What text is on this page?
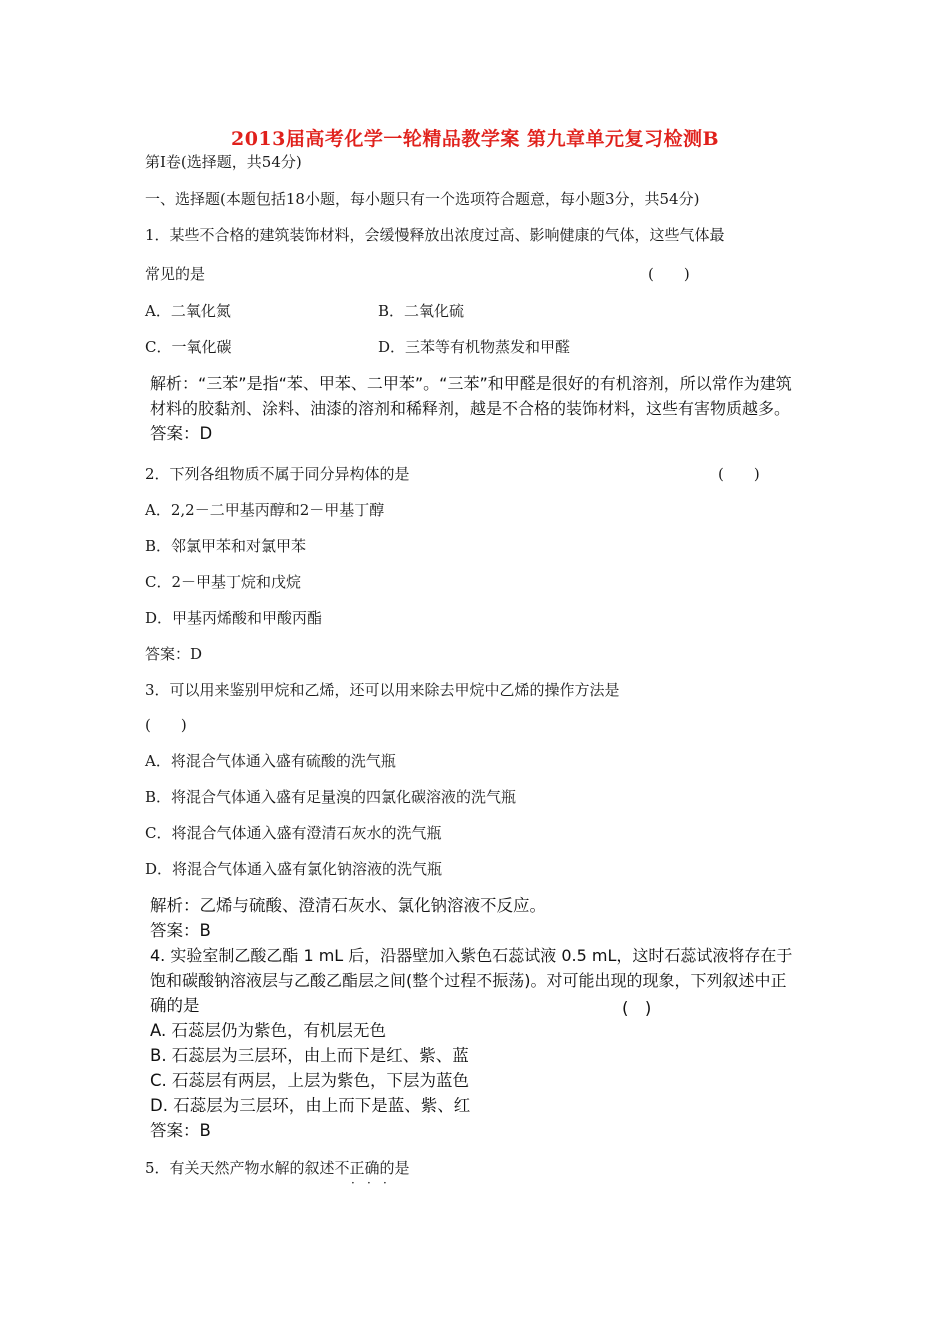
2013届高考化学一轮精品教学案 第九章单元复习检测B
第Ⅰ卷(选择题，共54分)
一、选择题(本题包括18小题，每小题只有一个选项符合题意，每小题3分，共54分)
1．某些不合格的建筑装饰材料，会缓慢释放出浓度过高、影响健康的气体，这些气体最
常见的是	(　　)
A．二氧化氮	B．二氧化硫
C．一氧化碳	D．三苯等有机物蒸发和甲醛
解析：“三苯”是指“苯、甲苯、二甲苯”。“三苯”和甲醛是很好的有机溶剂，所以常作为建筑
材料的胶黏剂、涂料、油漆的溶剂和稀释剂，越是不合格的装饰材料，这些有害物质越多。
答案：D
2．下列各组物质不属于同分异构体的是	(　　)
A．2,2－二甲基丙醇和2－甲基丁醇
B．邻氯甲苯和对氯甲苯
C．2－甲基丁烷和戊烷
D．甲基丙烯酸和甲酸丙酯
答案：D
3．可以用来鉴别甲烷和乙烯，还可以用来除去甲烷中乙烯的操作方法是
(　　)
A．将混合气体通入盛有硫酸的洗气瓶
B．将混合气体通入盛有足量溴的四氯化碳溶液的洗气瓶
C．将混合气体通入盛有澄清石灰水的洗气瓶
D．将混合气体通入盛有氯化钠溶液的洗气瓶
解析：乙烯与硫酸、澄清石灰水、氯化钠溶液不反应。
答案：B
4. 实验室制乙酸乙酯 1 mL 后，沿器壁加入紫色石蕊试液 0.5 mL，这时石蕊试液将存在于
饱和碳酸钠溶液层与乙酸乙酯层之间(整个过程不振荡)。对可能出现的现象，下列叙述中正
确的是	(　)
A. 石蕊层仍为紫色，有机层无色
B. 石蕊层为三层环，由上而下是红、紫、蓝
C. 石蕊层有两层，上层为紫色，下层为蓝色
D. 石蕊层为三层环，由上而下是蓝、紫、红
答案：B
5．有关天然产物水解的叙述不正确的是
· · ·
